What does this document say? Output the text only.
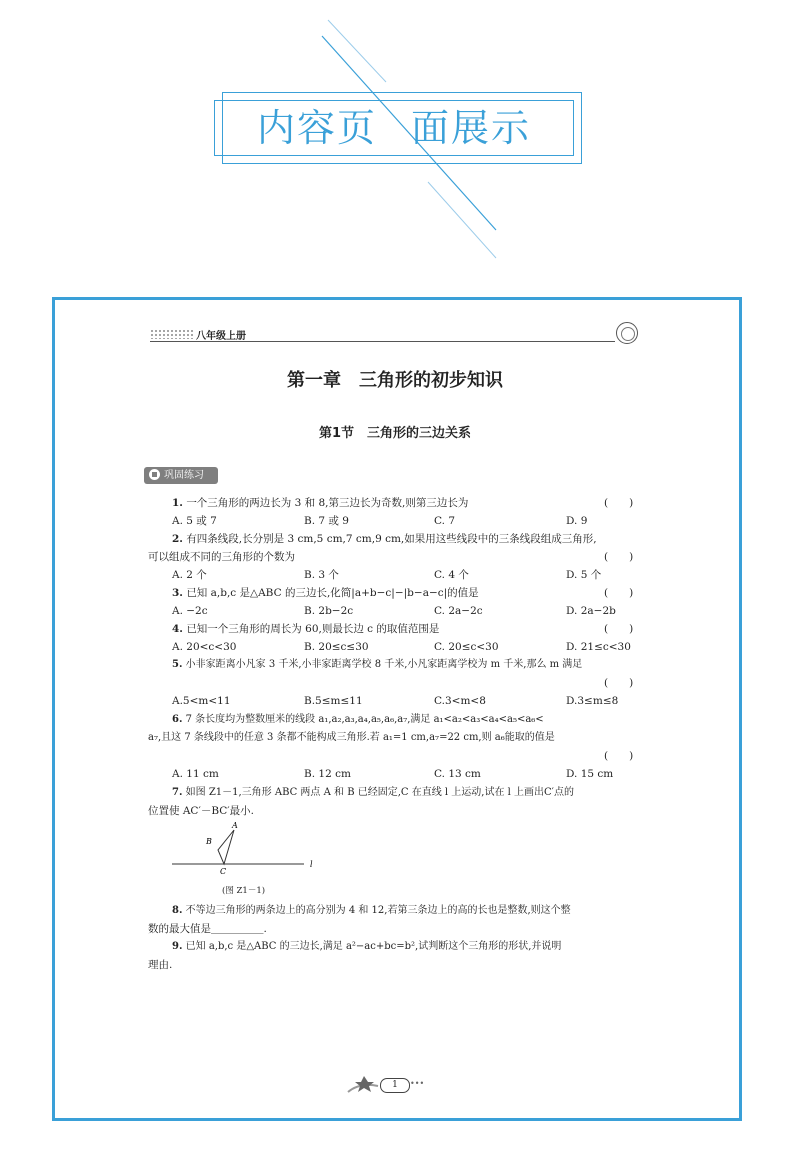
内容页 面展示
八年级上册
第一章　三角形的初步知识
第1节　三角形的三边关系
巩固练习
1. 一个三角形的两边长为 3 和 8,第三边长为奇数,则第三边长为	(　　)
A. 5 或 7	B. 7 或 9	C. 7	D. 9
2. 有四条线段,长分别是 3 cm,5 cm,7 cm,9 cm,如果用这些线段中的三条线段组成三角形,
可以组成不同的三角形的个数为	(　　)
A. 2 个	B. 3 个	C. 4 个	D. 5 个
3. 已知 a,b,c 是△ABC 的三边长,化简|a+b−c|−|b−a−c|的值是	(　　)
A. −2c	B. 2b−2c	C. 2a−2c	D. 2a−2b
4. 已知一个三角形的周长为 60,则最长边 c 的取值范围是	(　　)
A. 20<c<30	B. 20≤c≤30	C. 20≤c<30	D. 21≤c<30
5. 小非家距离小凡家 3 千米,小非家距离学校 8 千米,小凡家距离学校为 m 千米,那么 m 满足
(　　)
A.5<m<11	B.5≤m≤11	C.3<m<8	D.3≤m≤8
6. 7 条长度均为整数厘米的线段 a₁,a₂,a₃,a₄,a₅,a₆,a₇,满足 a₁<a₂<a₃<a₄<a₅<a₆<
a₇,且这 7 条线段中的任意 3 条都不能构成三角形.若 a₁=1 cm,a₇=22 cm,则 a₆能取的值是
(　　)
A. 11 cm	B. 12 cm	C. 13 cm	D. 15 cm
7. 如图 Z1－1,三角形 ABC 两点 A 和 B 已经固定,C 在直线 l 上运动,试在 l 上画出C′点的
位置使 AC′－BC′最小.
A
B
C
l
(图 Z1－1)
8. 不等边三角形的两条边上的高分别为 4 和 12,若第三条边上的高的长也是整数,则这个整
数的最大值是＿＿＿＿＿.
9. 已知 a,b,c 是△ABC 的三边长,满足 a²−ac+bc=b²,试判断这个三角形的形状,并说明
理由.
1	•••
